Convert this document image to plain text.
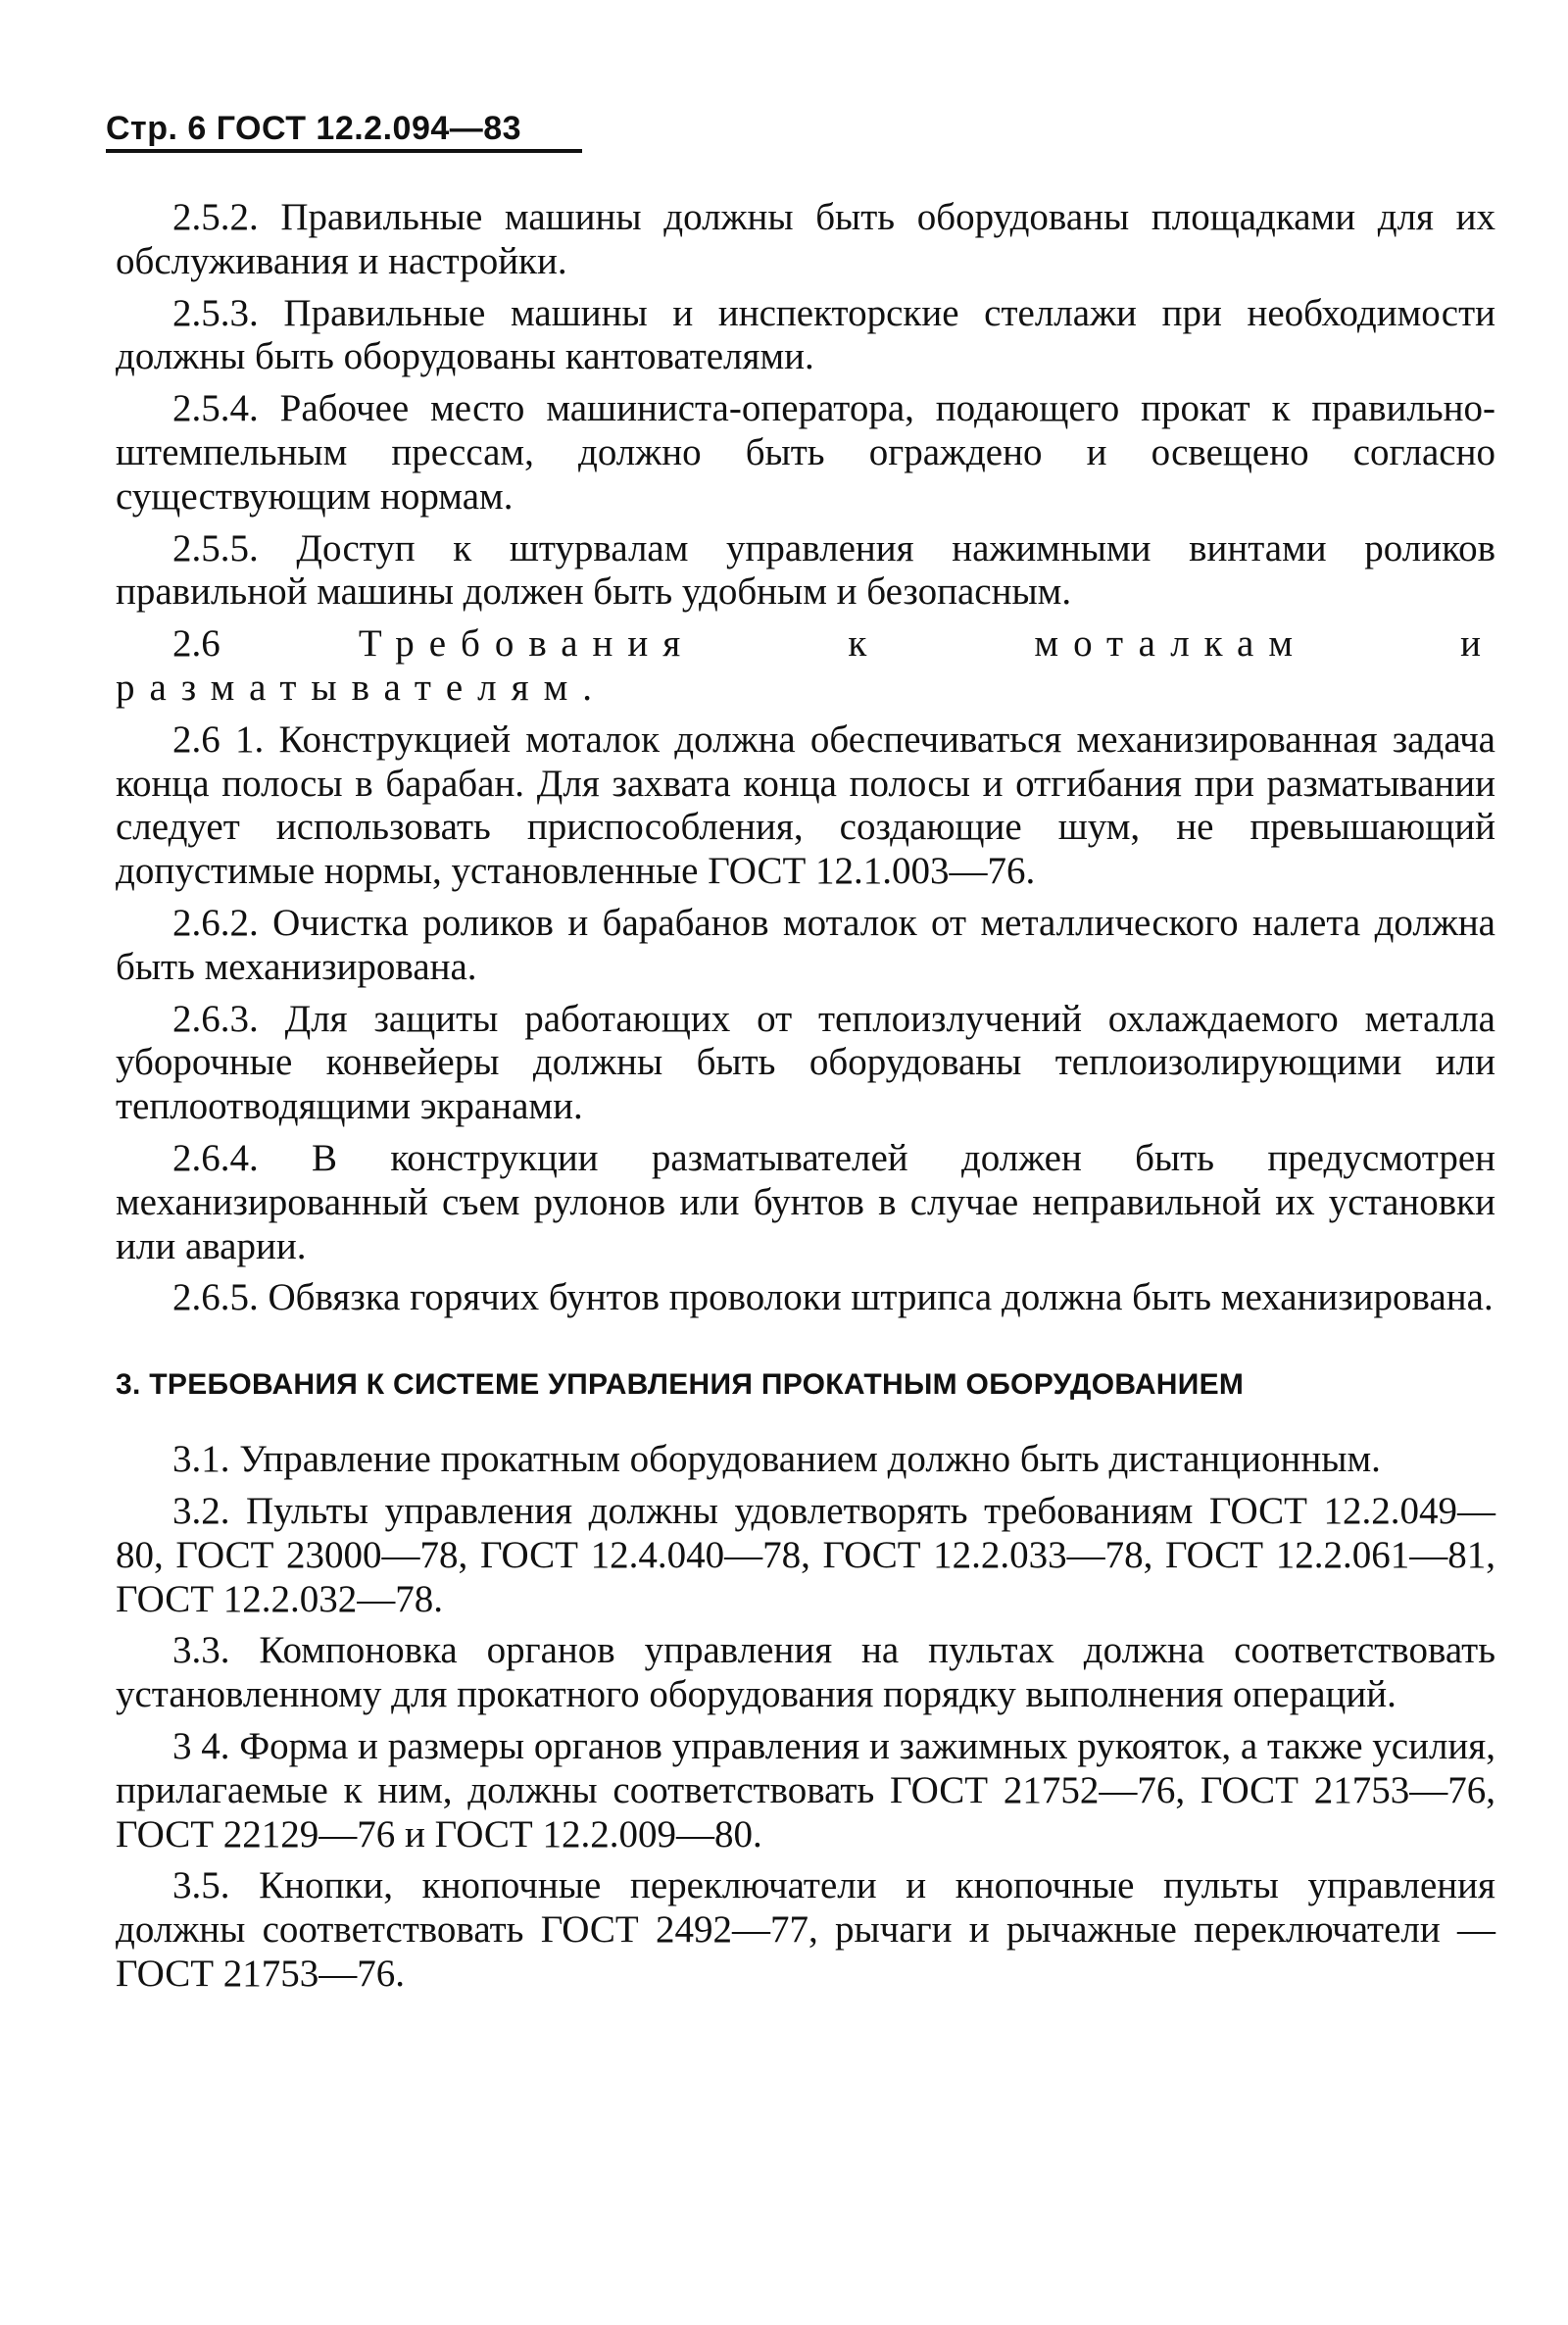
Стр. 6 ГОСТ 12.2.094—83

2.5.2. Правильные машины должны быть оборудованы площадками для их обслуживания и настройки.

2.5.3. Правильные машины и инспекторские стеллажи при необходимости должны быть оборудованы кантователями.

2.5.4. Рабочее место машиниста-оператора, подающего прокат к правильно-штемпельным прессам, должно быть ограждено и освещено согласно существующим нормам.

2.5.5. Доступ к штурвалам управления нажимными винтами роликов правильной машины должен быть удобным и безопасным.

2.6	Требования к моталкам и разматывателям.

2.6 1. Конструкцией моталок должна обеспечиваться механизированная задача конца полосы в барабан. Для захвата конца полосы и отгибания при разматывании следует использовать приспособления, создающие шум, не превышающий допустимые нормы, установленные ГОСТ 12.1.003—76.

2.6.2. Очистка роликов и барабанов моталок от металлического налета должна быть механизирована.

2.6.3. Для защиты работающих от теплоизлучений охлаждаемого металла уборочные конвейеры должны быть оборудованы теплоизолирующими или теплоотводящими экранами.

2.6.4. В конструкции разматывателей должен быть предусмотрен механизированный съем рулонов или бунтов в случае неправильной их установки или аварии.

2.6.5. Обвязка горячих бунтов проволоки штрипса должна быть механизирована.

3. ТРЕБОВАНИЯ К СИСТЕМЕ УПРАВЛЕНИЯ ПРОКАТНЫМ ОБОРУДОВАНИЕМ

3.1. Управление прокатным оборудованием должно быть дистанционным.

3.2. Пульты управления должны удовлетворять требованиям ГОСТ 12.2.049—80, ГОСТ 23000—78, ГОСТ 12.4.040—78, ГОСТ 12.2.033—78, ГОСТ 12.2.061—81, ГОСТ 12.2.032—78.

3.3. Компоновка органов управления на пультах должна соответствовать установленному для прокатного оборудования порядку выполнения операций.

3 4. Форма и размеры органов управления и зажимных рукояток, а также усилия, прилагаемые к ним, должны соответствовать ГОСТ 21752—76, ГОСТ 21753—76, ГОСТ 22129—76 и ГОСТ 12.2.009—80.

3.5. Кнопки, кнопочные переключатели и кнопочные пульты управления должны соответствовать ГОСТ 2492—77, рычаги и рычажные переключатели — ГОСТ 21753—76.
